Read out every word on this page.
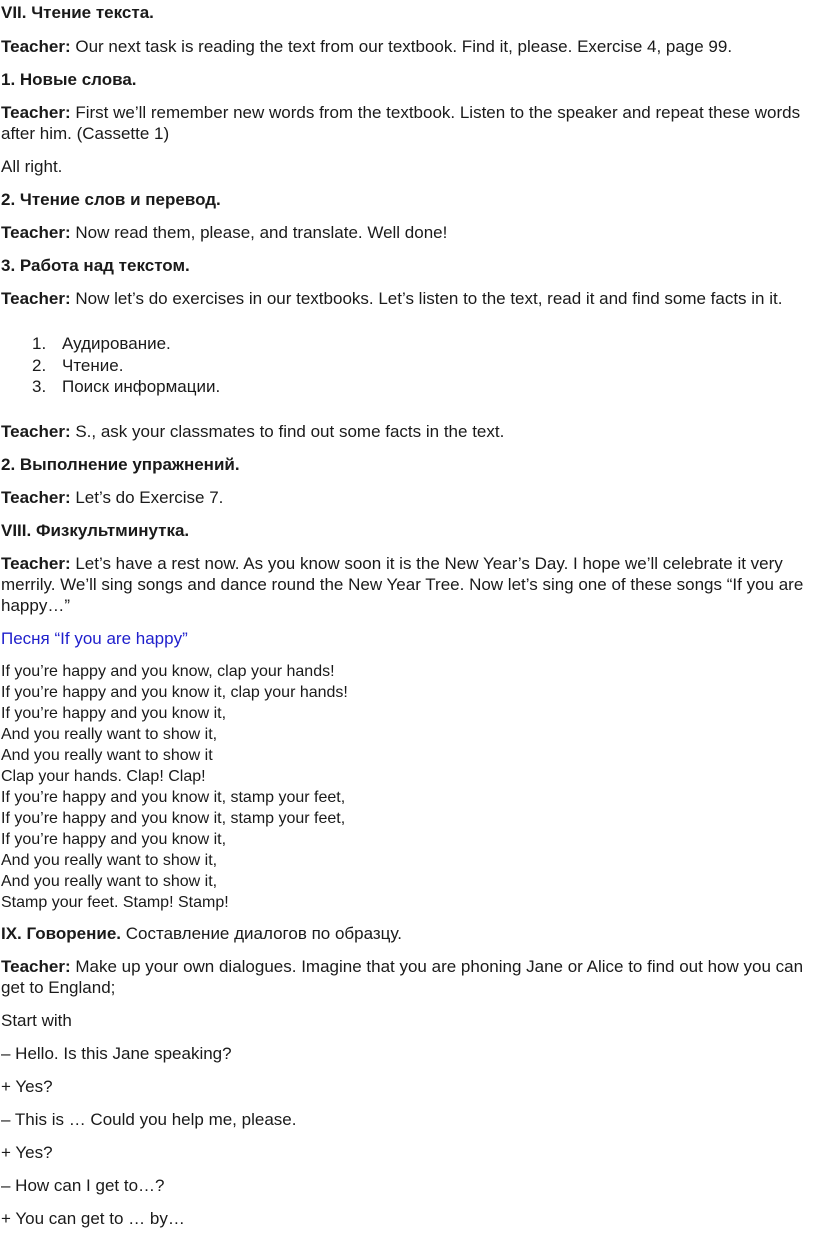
VII. Чтение текста.

Teacher: Our next task is reading the text from our textbook. Find it, please. Exercise 4, page 99.

1. Новые слова.

Teacher: First we’ll remember new words from the textbook. Listen to the speaker and repeat these words after him. (Cassette 1)

All right.

2. Чтение слов и перевод.

Teacher: Now read them, please, and translate. Well done!

3. Работа над текстом.

Teacher: Now let’s do exercises in our textbooks. Let’s listen to the text, read it and find some facts in it.

1. Аудирование.
2. Чтение.
3. Поиск информации.

Teacher: S., ask your classmates to find out some facts in the text.

2. Выполнение упражнений.

Teacher: Let’s do Exercise 7.

VIII. Физкультминутка.

Teacher: Let’s have a rest now. As you know soon it is the New Year’s Day. I hope we’ll celebrate it very merrily. We’ll sing songs and dance round the New Year Tree. Now let’s sing one of these songs “If you are happy…”

Песня “If you are happy”

If you’re happy and you know, clap your hands!

If you’re happy and you know it, clap your hands!

If you’re happy and you know it,

And you really want to show it,

And you really want to show it

Clap your hands. Clap! Clap!

If you’re happy and you know it, stamp your feet,

If you’re happy and you know it, stamp your feet,

If you’re happy and you know it,

And you really want to show it,

And you really want to show it,

Stamp your feet. Stamp! Stamp!

IX. Говорение. Составление диалогов по образцу.

Teacher: Make up your own dialogues. Imagine that you are phoning Jane or Alice to find out how you can get to England;

Start with

– Hello. Is this Jane speaking?

+ Yes?

– This is … Could you help me, please.

+ Yes?

– How can I get to…?

+ You can get to … by…
